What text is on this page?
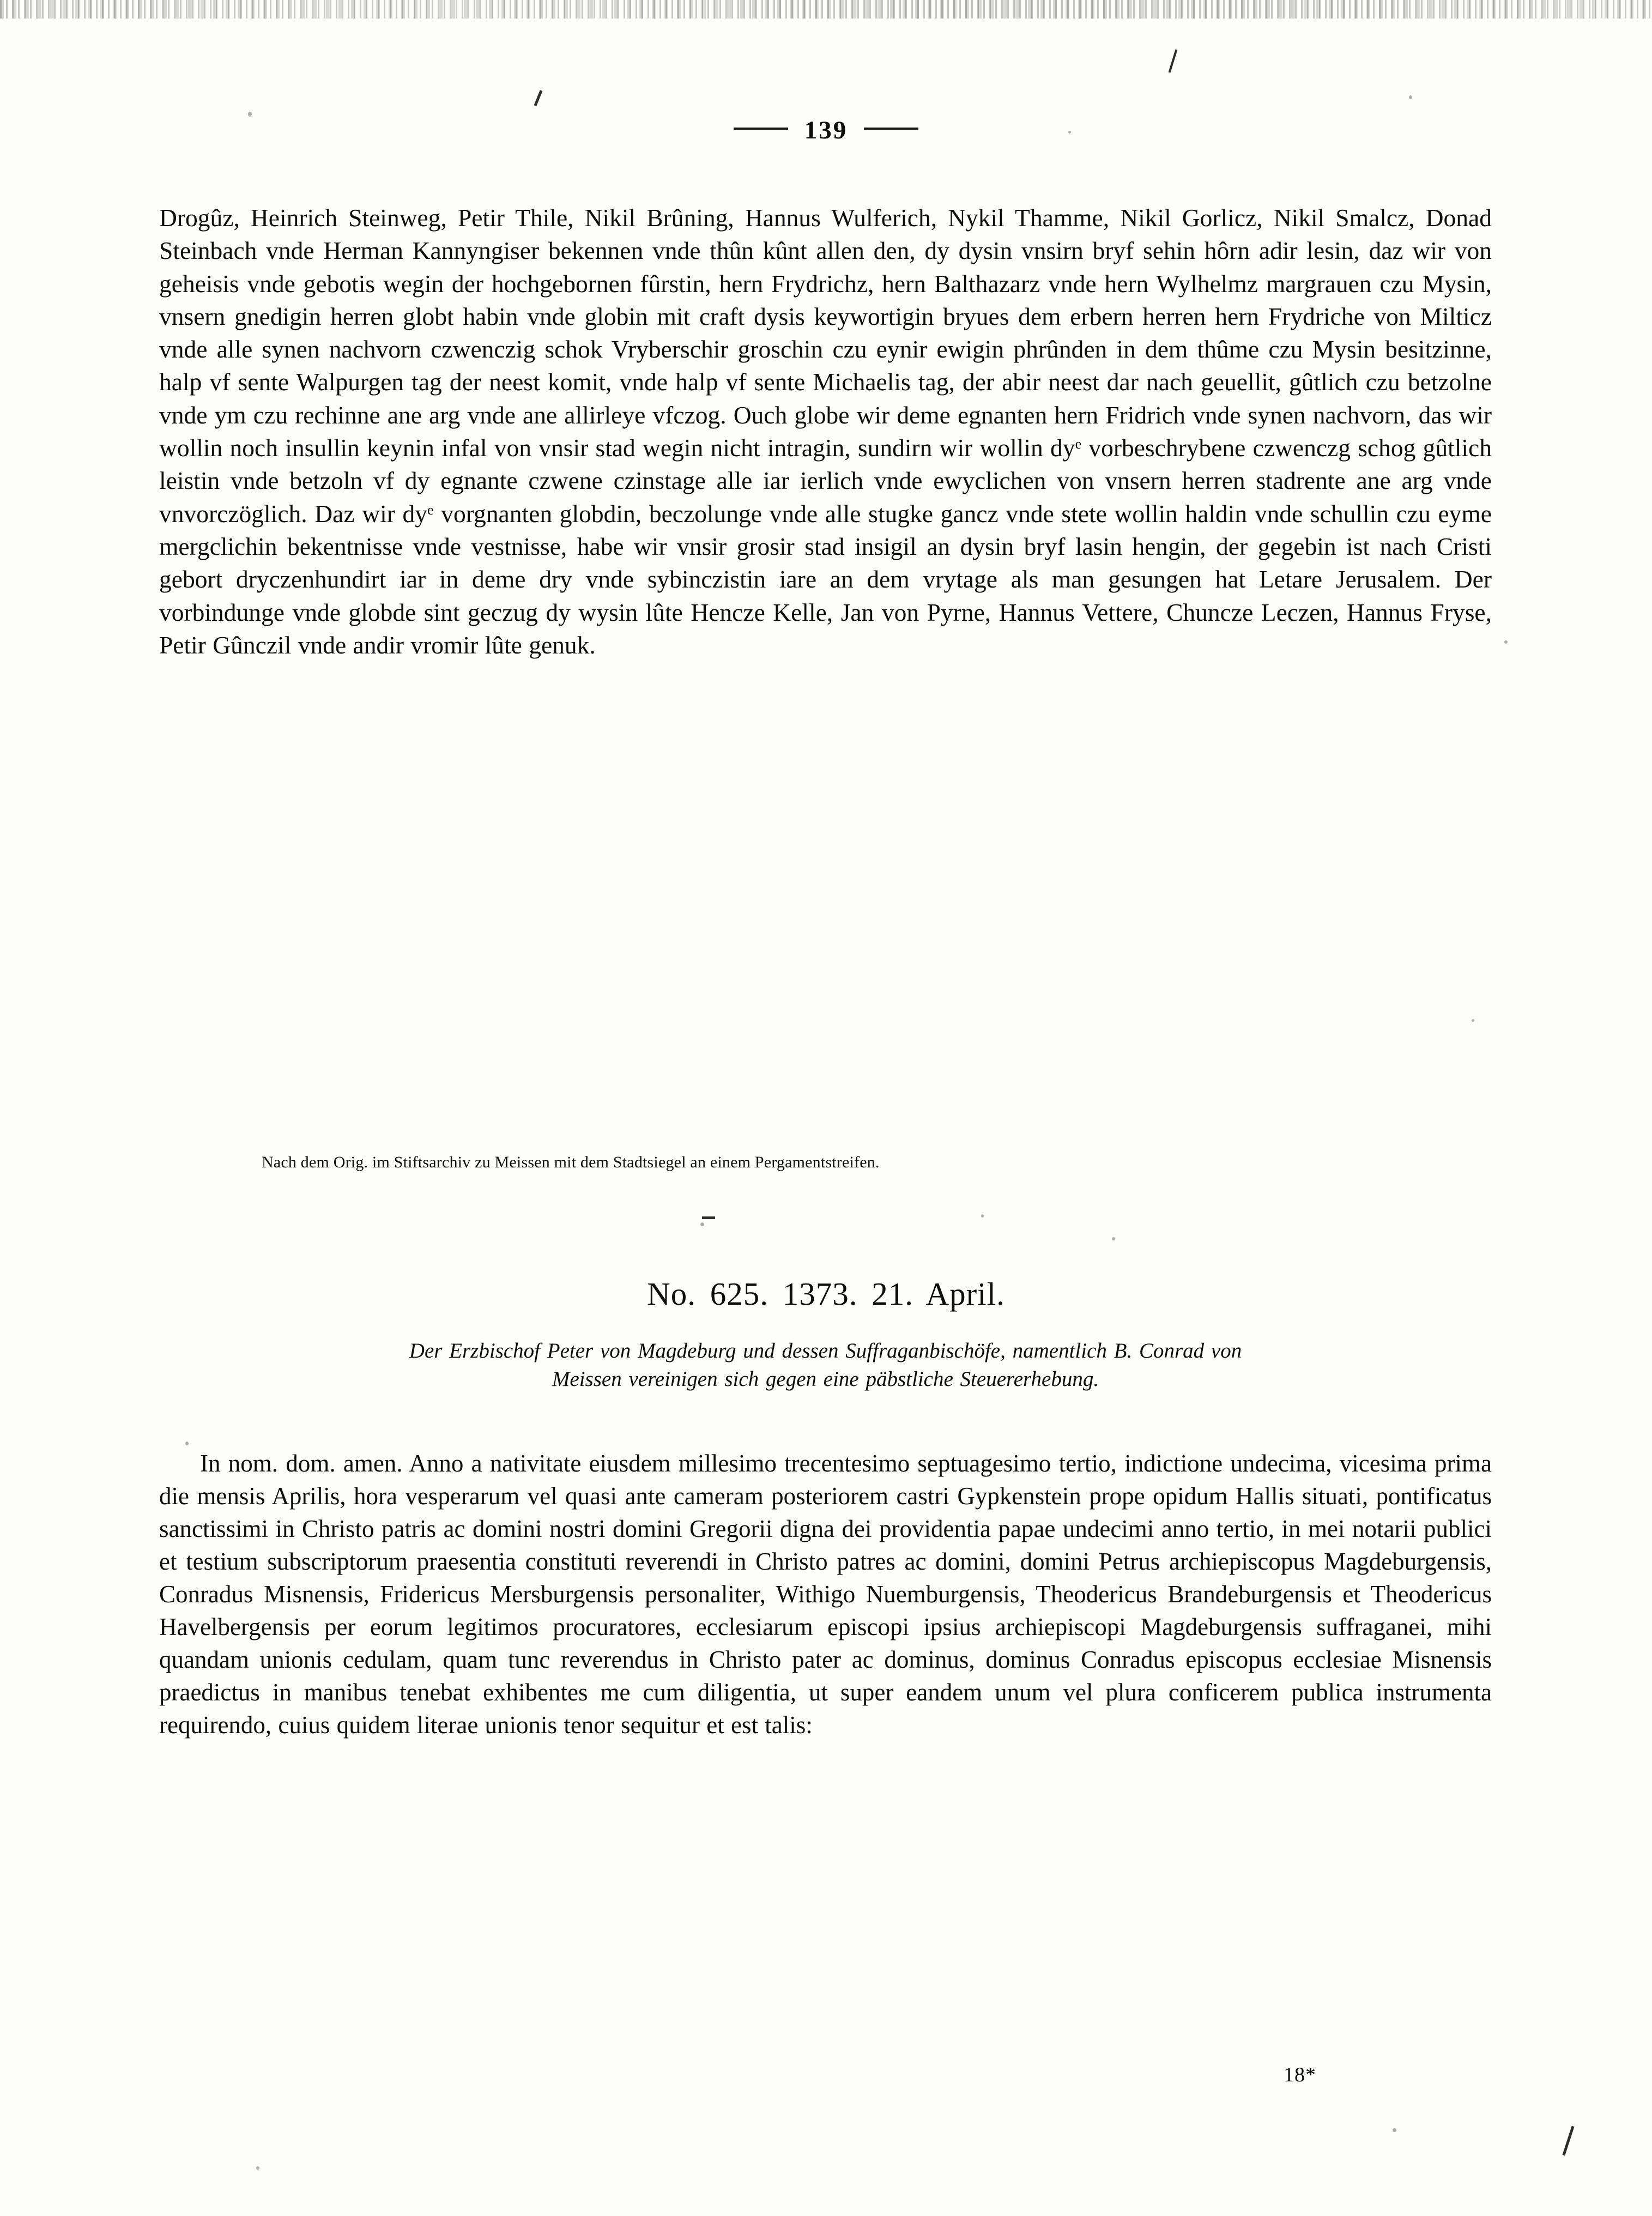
139

Drogûz, Heinrich Steinweg, Petir Thile, Nikil Brûning, Hannus Wulferich, Nykil Thamme, Nikil Gorlicz, Nikil Smalcz, Donad Steinbach vnde Herman Kannyngiser bekennen vnde thûn kûnt allen den, dy dysin vnsirn bryf sehin hôrn adir lesin, daz wir von geheisis vnde gebotis wegin der hochgebornen fûrstin, hern Frydrichz, hern Balthazarz vnde hern Wylhelmz margrauen czu Mysin, vnsern gnedigin herren globt habin vnde globin mit craft dysis keywortigin bryues dem erbern herren hern Frydriche von Milticz vnde alle synen nachvorn czwenczig schok Vryberschir groschin czu eynir ewigin phrûnden in dem thûme czu Mysin besitzinne, halp vf sente Walpurgen tag der neest komit, vnde halp vf sente Michaelis tag, der abir neest dar nach geuellit, gûtlich czu betzolne vnde ym czu rechinne ane arg vnde ane allirleye vfczog. Ouch globe wir deme egnanten hern Fridrich vnde synen nachvorn, das wir wollin noch insullin keynin infal von vnsir stad wegin nicht intragin, sundirn wir wollin $dy^e$ vorbeschrybene czwenczg schog gûtlich leistin vnde betzoln vf dy egnante czwene czinstage alle iar ierlich vnde ewyclichen von vnsern herren stadrente ane arg vnde vnvorczöglich. Daz wir $dy^e$ vorgnanten globdin, beczolunge vnde alle stugke gancz vnde stete wollin haldin vnde schullin czu eyme mergclichin bekentnisse vnde vestnisse, habe wir vnsir grosir stad insigil an dysin bryf lasin hengin, der gegebin ist nach Cristi gebort dryczenhundirt iar in deme dry vnde sybinczistin iare an dem vrytage als man gesungen hat Letare Jerusalem. Der vorbindunge vnde globde sint geczug dy wysin lûte Hencze Kelle, Jan von Pyrne, Hannus Vettere, Chuncze Leczen, Hannus Fryse, Petir Gûnczil vnde andir vromir lûte genuk.

Nach dem Orig. im Stiftsarchiv zu Meissen mit dem Stadtsiegel an einem Pergamentstreifen.
No. 625. 1373. 21. April.
Der Erzbischof Peter von Magdeburg und dessen Suffraganbischöfe, namentlich B. Conrad von
Meissen vereinigen sich gegen eine päbstliche Steuererhebung.

In nom. dom. amen. Anno a nativitate eiusdem millesimo trecentesimo septuagesimo tertio, indictione undecima, vicesima prima die mensis Aprilis, hora vesperarum vel quasi ante cameram posteriorem castri Gypkenstein prope opidum Hallis situati, pontificatus sanctissimi in Christo patris ac domini nostri domini Gregorii digna dei providentia papae undecimi anno tertio, in mei notarii publici et testium subscriptorum praesentia constituti reverendi in Christo patres ac domini, domini Petrus archiepiscopus Magdeburgensis, Conradus Misnensis, Fridericus Mersburgensis personaliter, Withigo Nuemburgensis, Theodericus Brandeburgensis et Theodericus Havelbergensis per eorum legitimos procuratores, ecclesiarum episcopi ipsius archiepiscopi Magdeburgensis suffraganei, mihi quandam unionis cedulam, quam tunc reverendus in Christo pater ac dominus, dominus Conradus episcopus ecclesiae Misnensis praedictus in manibus tenebat exhibentes me cum diligentia, ut super eandem unum vel plura conficerem publica instrumenta requirendo, cuius quidem literae unionis tenor sequitur et est talis:

18*
